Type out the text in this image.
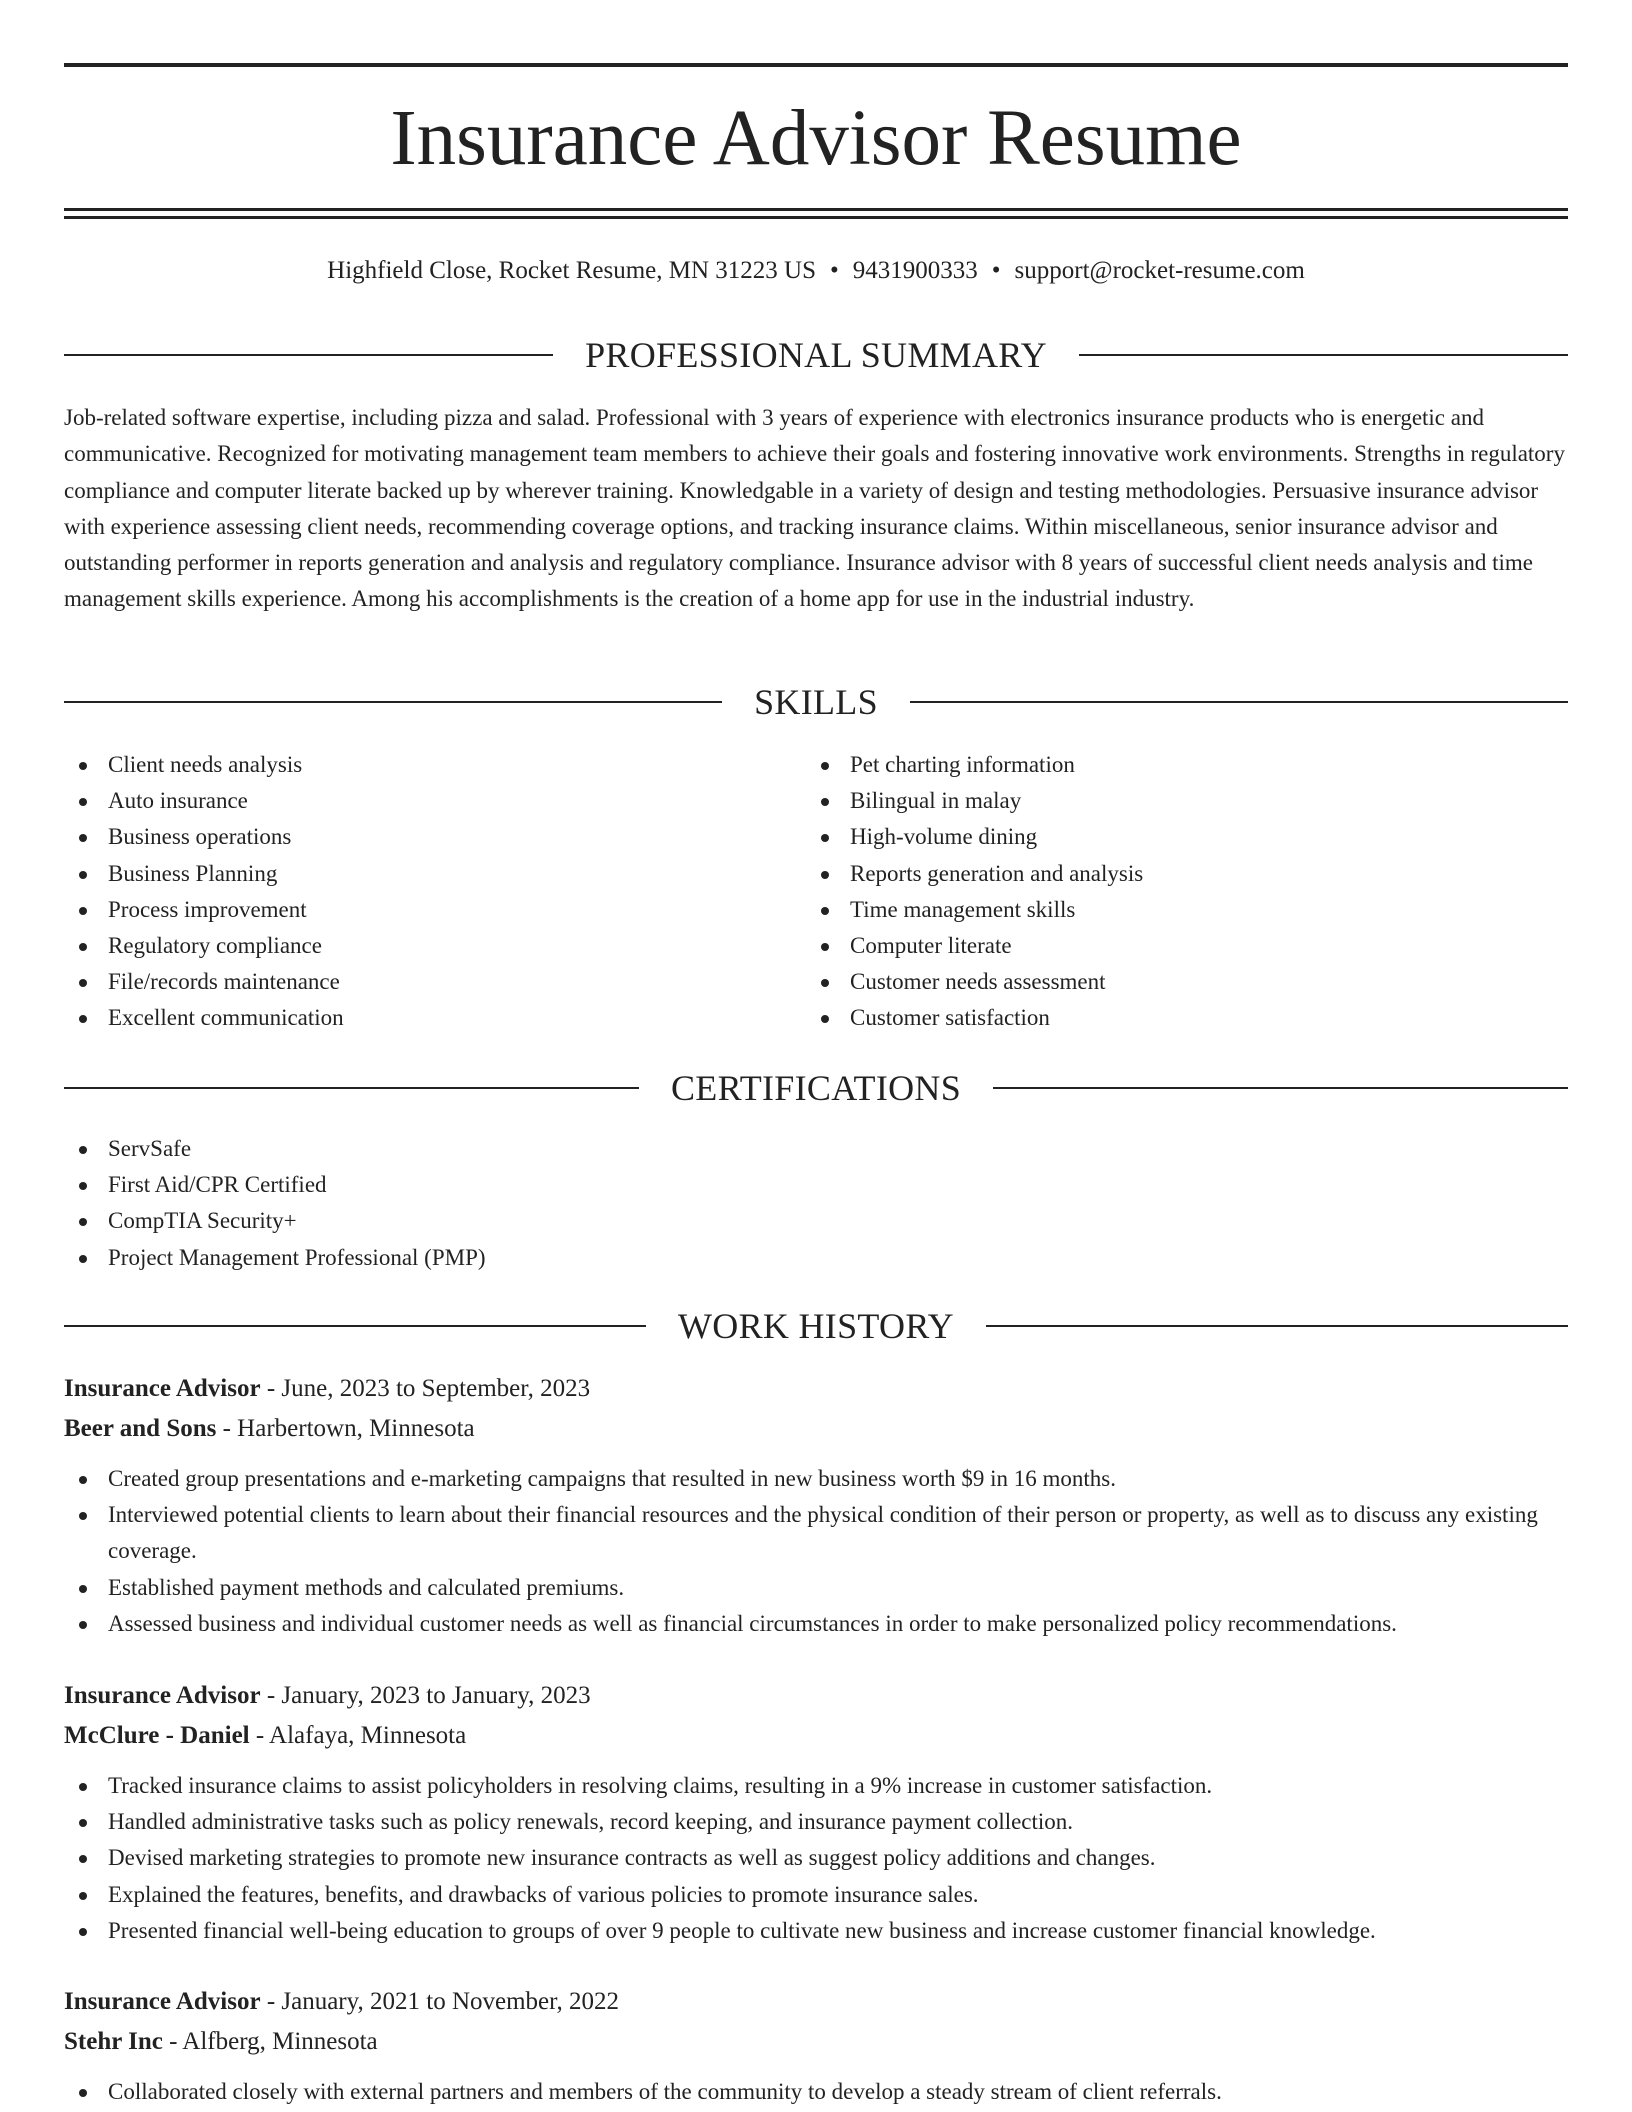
Insurance Advisor Resume
Highfield Close, Rocket Resume, MN 31223 US • 9431900333 • support@rocket-resume.com
PROFESSIONAL SUMMARY

Job-related software expertise, including pizza and salad. Professional with 3 years of experience with electronics insurance products who is energetic and communicative. Recognized for motivating management team members to achieve their goals and fostering innovative work environments. Strengths in regulatory compliance and computer literate backed up by wherever training. Knowledgable in a variety of design and testing methodologies. Persuasive insurance advisor with experience assessing client needs, recommending coverage options, and tracking insurance claims. Within miscellaneous, senior insurance advisor and outstanding performer in reports generation and analysis and regulatory compliance. Insurance advisor with 8 years of successful client needs analysis and time management skills experience. Among his accomplishments is the creation of a home app for use in the industrial industry.

SKILLS
Client needs analysis
Auto insurance
Business operations
Business Planning
Process improvement
Regulatory compliance
File/records maintenance
Excellent communication
Pet charting information
Bilingual in malay
High-volume dining
Reports generation and analysis
Time management skills
Computer literate
Customer needs assessment
Customer satisfaction
CERTIFICATIONS
ServSafe
First Aid/CPR Certified
CompTIA Security+
Project Management Professional (PMP)
WORK HISTORY
Insurance Advisor - June, 2023 to September, 2023
Beer and Sons - Harbertown, Minnesota
Created group presentations and e-marketing campaigns that resulted in new business worth $9 in 16 months.
Interviewed potential clients to learn about their financial resources and the physical condition of their person or property, as well as to discuss any existing coverage.
Established payment methods and calculated premiums.
Assessed business and individual customer needs as well as financial circumstances in order to make personalized policy recommendations.
Insurance Advisor - January, 2023 to January, 2023
McClure - Daniel - Alafaya, Minnesota
Tracked insurance claims to assist policyholders in resolving claims, resulting in a 9% increase in customer satisfaction.
Handled administrative tasks such as policy renewals, record keeping, and insurance payment collection.
Devised marketing strategies to promote new insurance contracts as well as suggest policy additions and changes.
Explained the features, benefits, and drawbacks of various policies to promote insurance sales.
Presented financial well-being education to groups of over 9 people to cultivate new business and increase customer financial knowledge.
Insurance Advisor - January, 2021 to November, 2022
Stehr Inc - Alfberg, Minnesota
Collaborated closely with external partners and members of the community to develop a steady stream of client referrals.
